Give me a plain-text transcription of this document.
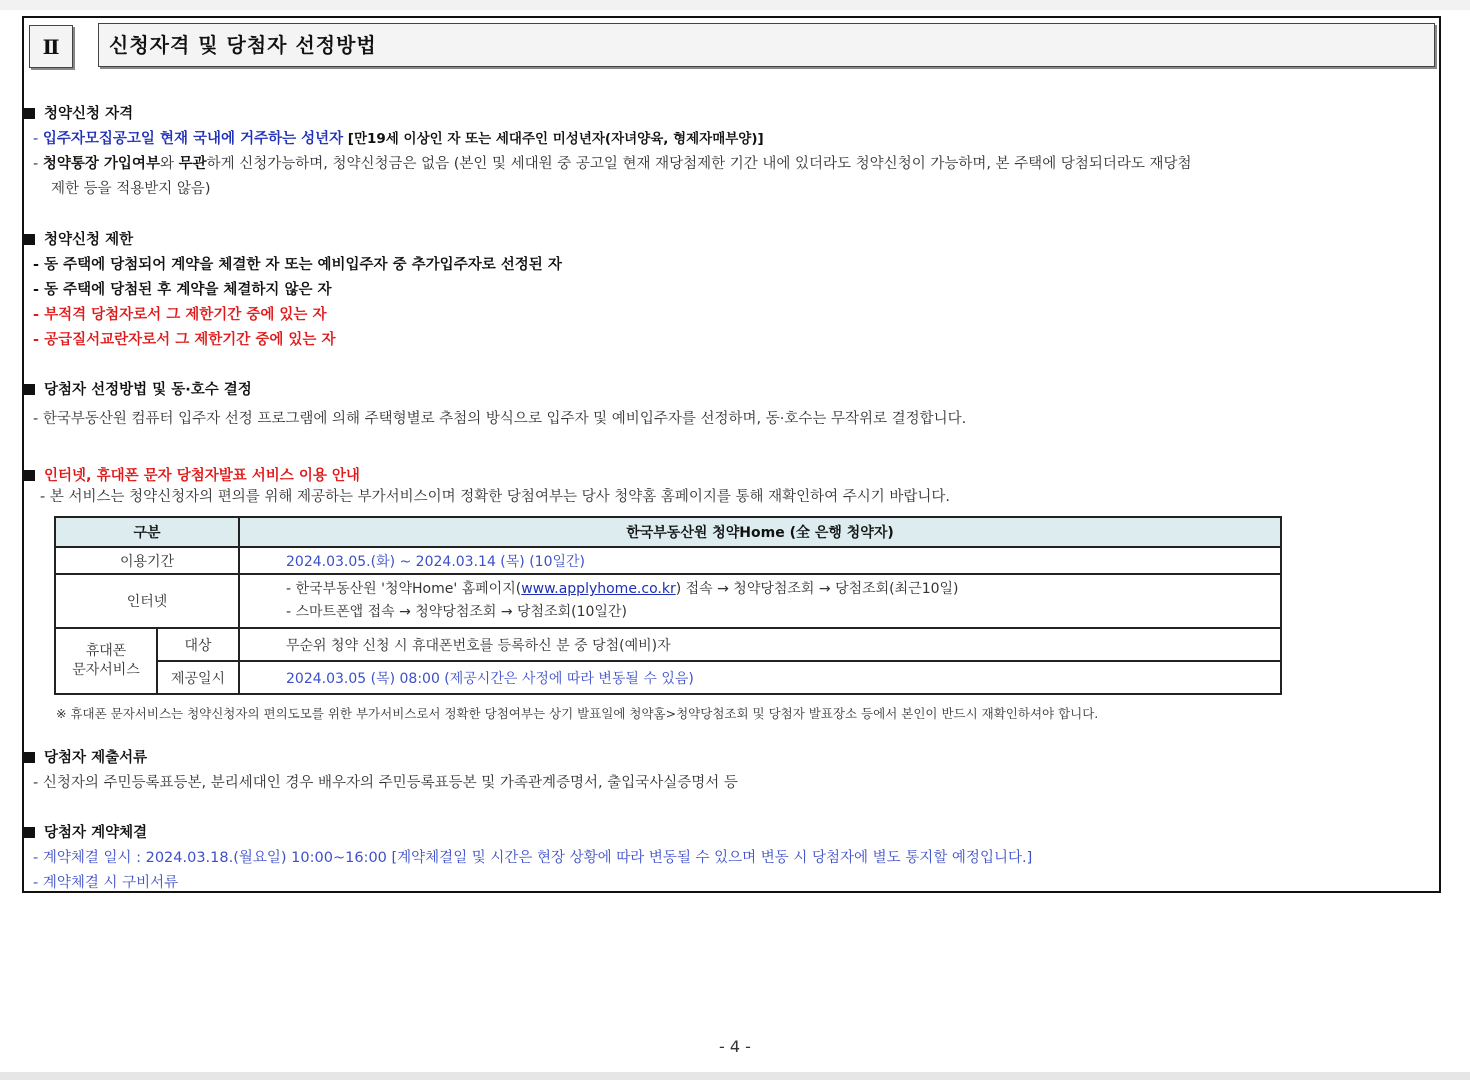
Ⅱ	신청자격 및 당첨자 선정방법
청약신청 자격
- 입주자모집공고일 현재 국내에 거주하는 성년자 [만19세 이상인 자 또는 세대주인 미성년자(자녀양육, 형제자매부양)]
- 청약통장 가입여부와 무관하게 신청가능하며, 청약신청금은 없음 (본인 및 세대원 중 공고일 현재 재당첨제한 기간 내에 있더라도 청약신청이 가능하며, 본 주택에 당첨되더라도 재당첨
제한 등을 적용받지 않음)
청약신청 제한
- 동 주택에 당첨되어 계약을 체결한 자 또는 예비입주자 중 추가입주자로 선정된 자
- 동 주택에 당첨된 후 계약을 체결하지 않은 자
- 부적격 당첨자로서 그 제한기간 중에 있는 자
- 공급질서교란자로서 그 제한기간 중에 있는 자
당첨자 선정방법 및 동·호수 결정
- 한국부동산원 컴퓨터 입주자 선정 프로그램에 의해 주택형별로 추첨의 방식으로 입주자 및 예비입주자를 선정하며, 동·호수는 무작위로 결정합니다.
인터넷, 휴대폰 문자 당첨자발표 서비스 이용 안내
- 본 서비스는 청약신청자의 편의를 위해 제공하는 부가서비스이며 정확한 당첨여부는 당사 청약홈 홈페이지를 통해 재확인하여 주시기 바랍니다.
구분		한국부동산원 청약Home (全 은행 청약자)
이용기간		2024.03.05.(화) ~ 2024.03.14 (목) (10일간)
인터넷		- 한국부동산원 '청약Home' 홈페이지(www.applyhome.co.kr) 접속 → 청약당첨조회 → 당첨조회(최근10일)
- 스마트폰앱 접속 → 청약당첨조회 → 당첨조회(10일간)

휴대폰
문자서비스	대상	무순위 청약 신청 시 휴대폰번호를 등록하신 분 중 당첨(예비)자
	제공일시	2024.03.05 (목) 08:00 (제공시간은 사정에 따라 변동될 수 있음)
※ 휴대폰 문자서비스는 청약신청자의 편의도모를 위한 부가서비스로서 정확한 당첨여부는 상기 발표일에 청약홈>청약당첨조회 및 당첨자 발표장소 등에서 본인이 반드시 재확인하셔야 합니다.
당첨자 제출서류
- 신청자의 주민등록표등본, 분리세대인 경우 배우자의 주민등록표등본 및 가족관계증명서, 출입국사실증명서 등
당첨자 계약체결
- 계약체결 일시 : 2024.03.18.(월요일) 10:00~16:00 [계약체결일 및 시간은 현장 상황에 따라 변동될 수 있으며 변동 시 당첨자에 별도 통지할 예정입니다.]
- 계약체결 시 구비서류
- 4 -
